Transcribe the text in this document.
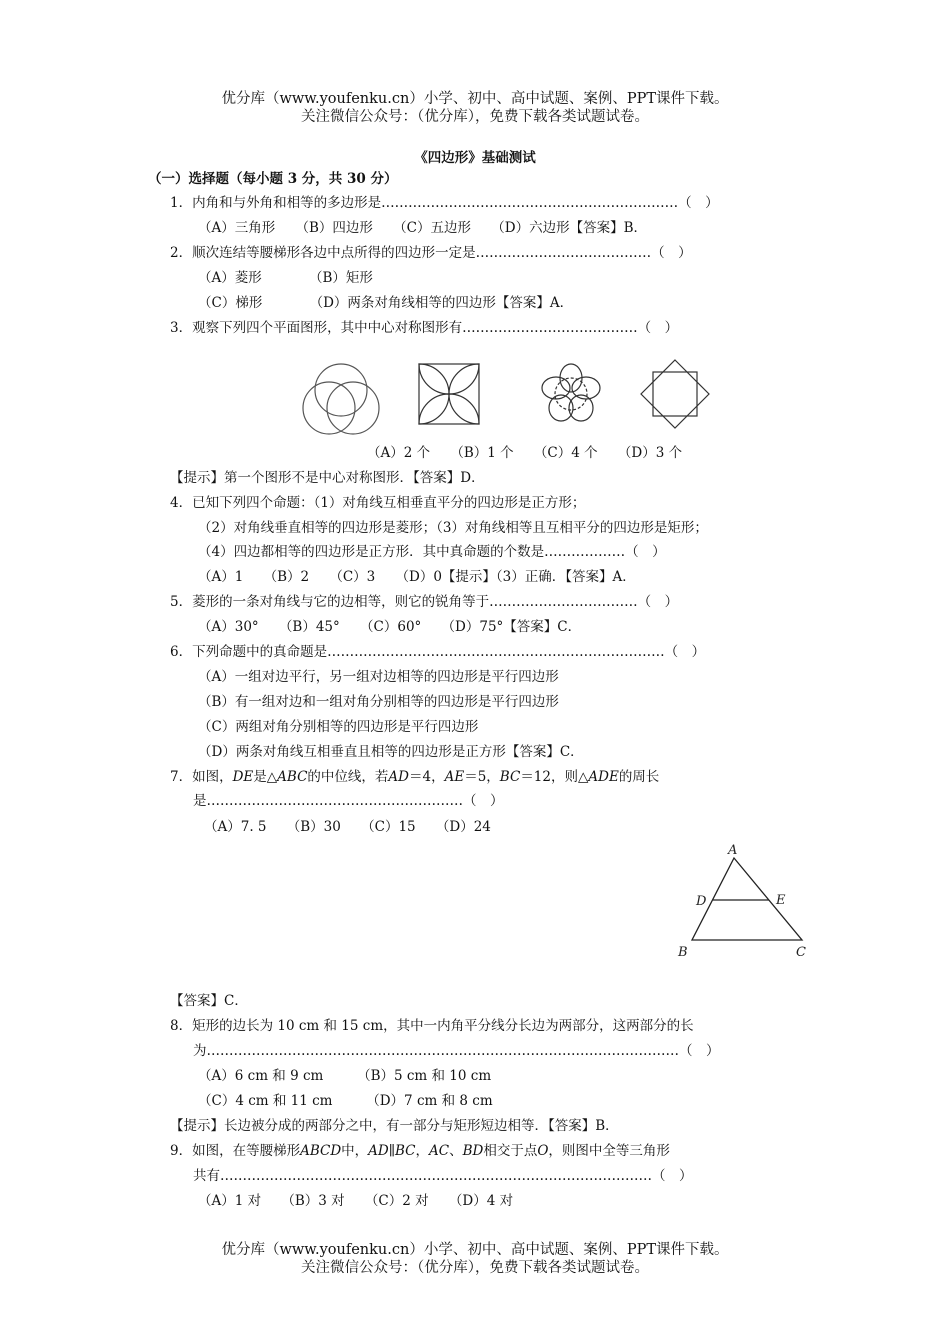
优分库（www.youfenku.cn）小学、初中、高中试题、案例、PPT课件下载。
关注微信公众号：（优分库），免费下载各类试题试卷。
《四边形》基础测试
（一）选择题（每小题 3 分，共 30 分）
1．内角和与外角和相等的多边形是…………………………………………………………（　）
（A）三角形　　（B）四边形　　（C）五边形　　（D）六边形【答案】B．
2．顺次连结等腰梯形各边中点所得的四边形一定是…………………………………（　）
（A）菱形　　　　（B）矩形
（C）梯形　　　　（D）两条对角线相等的四边形【答案】A．
3．观察下列四个平面图形，其中中心对称图形有…………………………………（　）
（A）2 个　　（B）1 个　　（C）4 个　　（D）3 个
【提示】第一个图形不是中心对称图形．【答案】D．
4．已知下列四个命题：（1）对角线互相垂直平分的四边形是正方形；
（2）对角线垂直相等的四边形是菱形；（3）对角线相等且互相平分的四边形是矩形；
（4）四边都相等的四边形是正方形．其中真命题的个数是………………（　）
（A）1　　（B）2　　（C）3　　（D）0【提示】（3）正确．【答案】A．
5．菱形的一条对角线与它的边相等，则它的锐角等于……………………………（　）
（A）30°　　（B）45°　　（C）60°　　（D）75°【答案】C．
6．下列命题中的真命题是…………………………………………………………………（　）
（A）一组对边平行，另一组对边相等的四边形是平行四边形
（B）有一组对边和一组对角分别相等的四边形是平行四边形
（C）两组对角分别相等的四边形是平行四边形
（D）两条对角线互相垂直且相等的四边形是正方形【答案】C．
7．如图，DE是△ABC的中位线，若AD＝4，AE＝5，BC＝12，则△ADE的周长
是…………………………………………………（　）
（A）7. 5　　（B）30　　（C）15　　（D）24
A
D	E
B	C
【答案】C．
8．矩形的边长为 10 cm 和 15 cm，其中一内角平分线分长边为两部分，这两部分的长
为……………………………………………………………………………………………（　）
（A）6 cm 和 9 cm　　　（B）5 cm 和 10 cm
（C）4 cm 和 11 cm　　　（D）7 cm 和 8 cm
【提示】长边被分成的两部分之中，有一部分与矩形短边相等．【答案】B．
9．如图，在等腰梯形ABCD中，AD∥BC，AC、BD相交于点O，则图中全等三角形
共有……………………………………………………………………………………（　）
（A）1 对　　（B）3 对　　（C）2 对　　（D）4 对
优分库（www.youfenku.cn）小学、初中、高中试题、案例、PPT课件下载。
关注微信公众号：（优分库），免费下载各类试题试卷。
